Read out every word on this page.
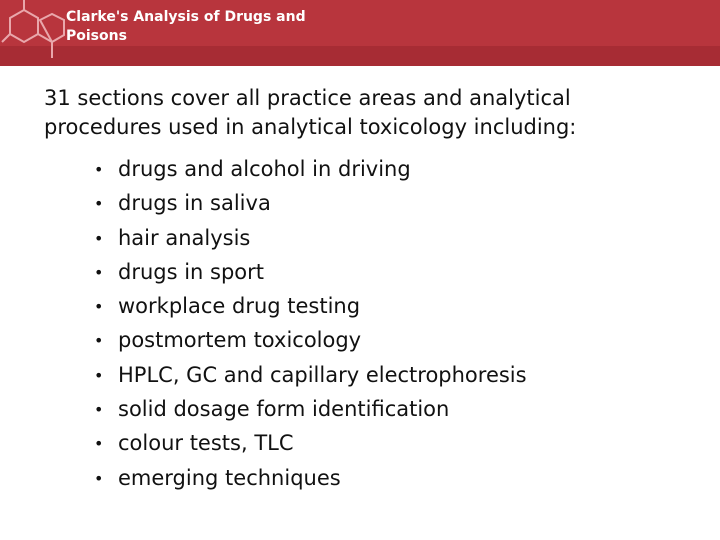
Clarke's Analysis of Drugs and
Poisons
31 sections cover all practice areas and analytical procedures used in analytical toxicology including:
• drugs and alcohol in driving
• drugs in saliva
• hair analysis
• drugs in sport
• workplace drug testing
• postmortem toxicology
• HPLC, GC and capillary electrophoresis
• solid dosage form identification
• colour tests, TLC
• emerging techniques
